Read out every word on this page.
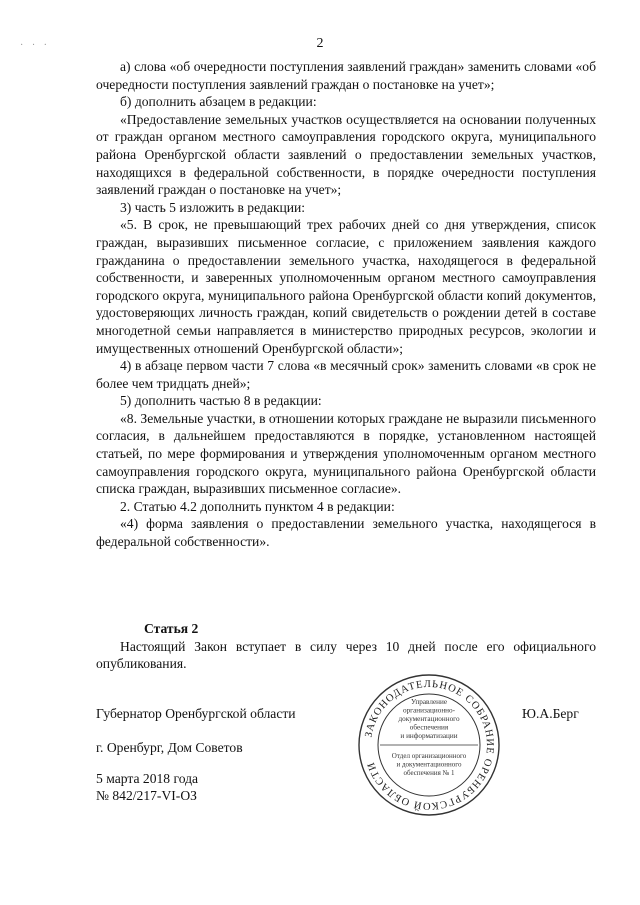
· · ·	2

а) слова «об очередности поступления заявлений граждан» заменить словами «об очередности поступления заявлений граждан о постановке на учет»;

б) дополнить абзацем в редакции:

«Предоставление земельных участков осуществляется на основании полученных от граждан органом местного самоуправления городского округа, муниципального района Оренбургской области заявлений о предоставлении земельных участков, находящихся в федеральной собственности, в порядке очередности поступления заявлений граждан о постановке на учет»;

3) часть 5 изложить в редакции:

«5. В срок, не превышающий трех рабочих дней со дня утверждения, список граждан, выразивших письменное согласие, с приложением заявления каждого гражданина о предоставлении земельного участка, находящегося в федеральной собственности, и заверенных уполномоченным органом местного самоуправления городского округа, муниципального района Оренбургской области копий документов, удостоверяющих личность граждан, копий свидетельств о рождении детей в составе многодетной семьи направляется в министерство природных ресурсов, экологии и имущественных отношений Оренбургской области»;

4) в абзаце первом части 7 слова «в месячный срок» заменить словами «в срок не более чем тридцать дней»;

5) дополнить частью 8 в редакции:

«8. Земельные участки, в отношении которых граждане не выразили письменного согласия, в дальнейшем предоставляются в порядке, установленном настоящей статьей, по мере формирования и утверждения уполномоченным органом местного самоуправления городского округа, муниципального района Оренбургской области списка граждан, выразивших письменное согласие».

2. Статью 4.2 дополнить пунктом 4 в редакции:

«4) форма заявления о предоставлении земельного участка, находящегося в федеральной собственности».

Статья 2

Настоящий Закон вступает в силу через 10 дней после его официального опубликования.

Губернатор Оренбургской области	Ю.А.Берг
г. Оренбург, Дом Советов
5 марта 2018 года
№ 842/217-VI-ОЗ
ЗАКОНОДАТЕЛЬНОЕ СОБРАНИЕ ОРЕНБУРГСКОЙ ОБЛАСТИ
Управление
организационно-
документационного
обеспечения
и информатизации
Отдел организационного
и документационного
обеспечения № 1
